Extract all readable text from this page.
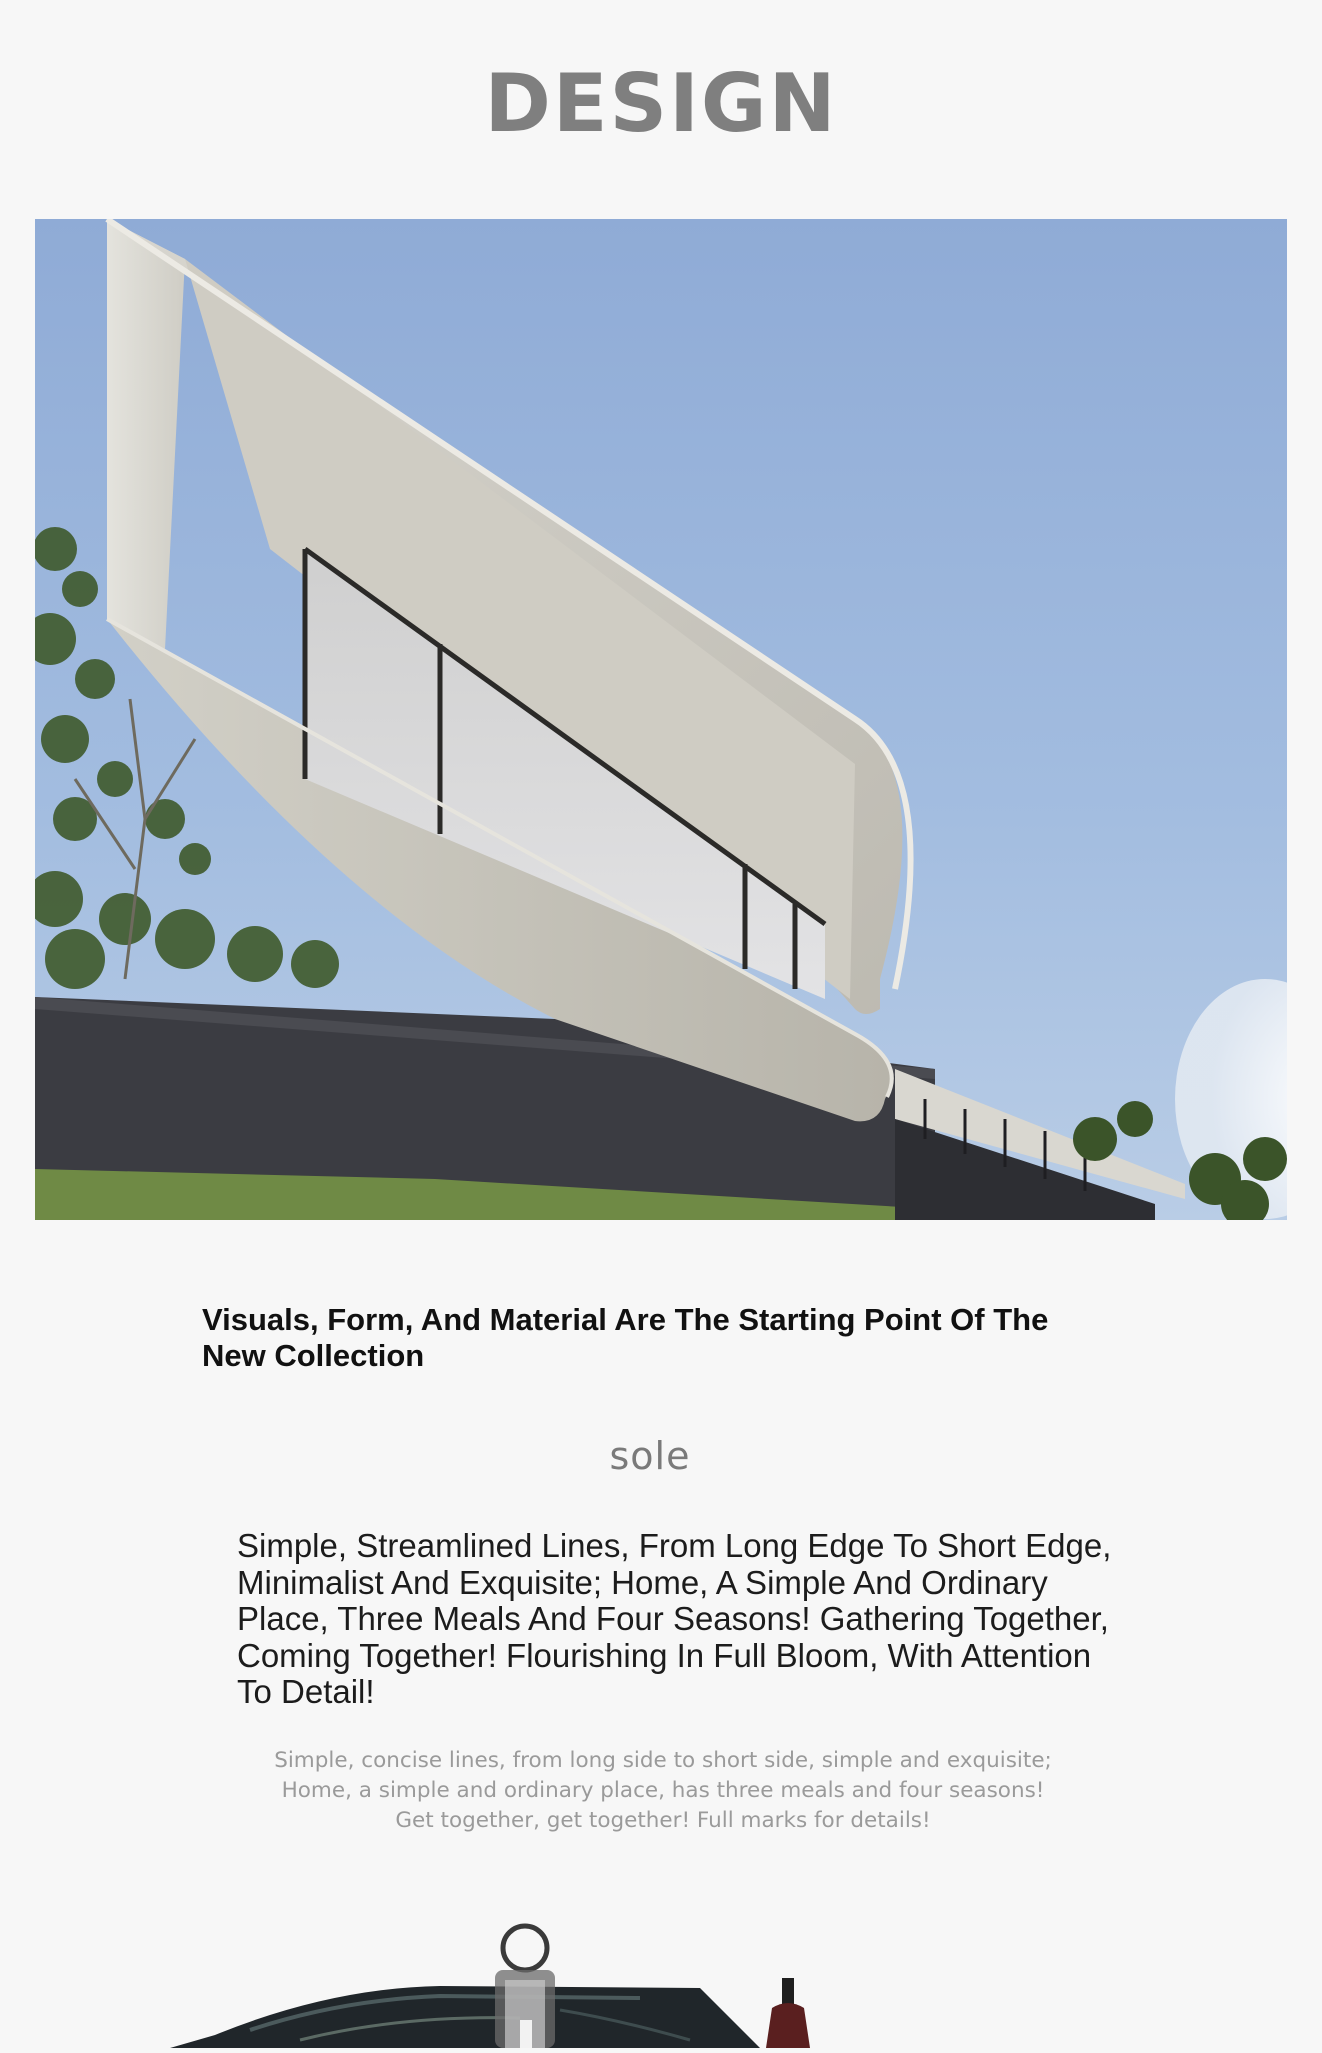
DESIGN
Visuals, Form, And Material Are The Starting Point Of The New Collection
sole
Simple, Streamlined Lines, From Long Edge To Short Edge, Minimalist And Exquisite; Home, A Simple And Ordinary Place, Three Meals And Four Seasons! Gathering Together, Coming Together! Flourishing In Full Bloom, With Attention To Detail!
Simple, concise lines, from long side to short side, simple and exquisite;
Home, a simple and ordinary place, has three meals and four seasons!
Get together, get together! Full marks for details!
